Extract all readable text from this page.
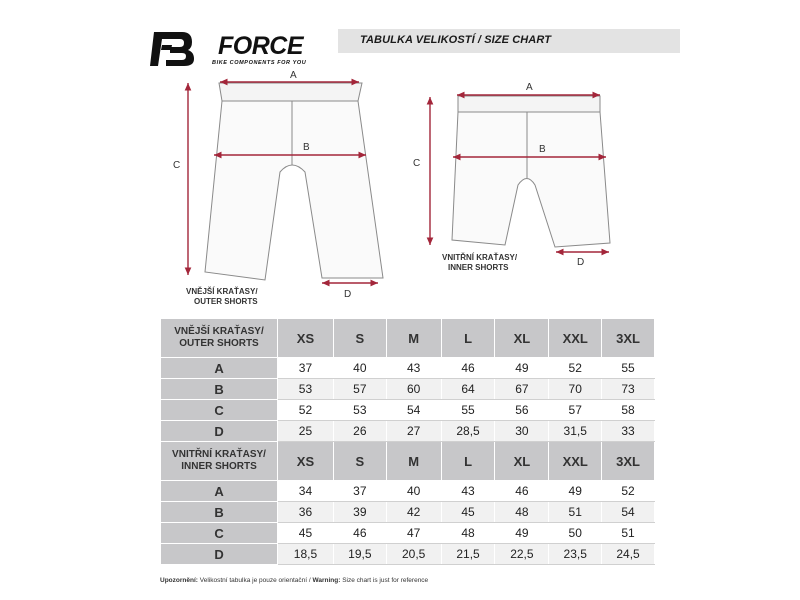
TABULKA VELIKOSTÍ / SIZE CHART
FORCE
BIKE COMPONENTS FOR YOU
A
B
C
D
A
B
C
D
VNĚJŠÍ KRAŤASY/
OUTER SHORTS
VNITŘNÍ KRAŤASY/
INNER SHORTS
VNĚJŠÍ KRAŤASY/
OUTER SHORTS	XS	S	M	L	XL	XXL	3XL
A	37	40	43	46	49	52	55
B	53	57	60	64	67	70	73
C	52	53	54	55	56	57	58
D	25	26	27	28,5	30	31,5	33

VNITŘNÍ KRAŤASY/
INNER SHORTS	XS	S	M	L	XL	XXL	3XL
A	34	37	40	43	46	49	52
B	36	39	42	45	48	51	54
C	45	46	47	48	49	50	51
D	18,5	19,5	20,5	21,5	22,5	23,5	24,5
Upozornění: Velikostní tabulka je pouze orientační / Warning: Size chart is just for reference
